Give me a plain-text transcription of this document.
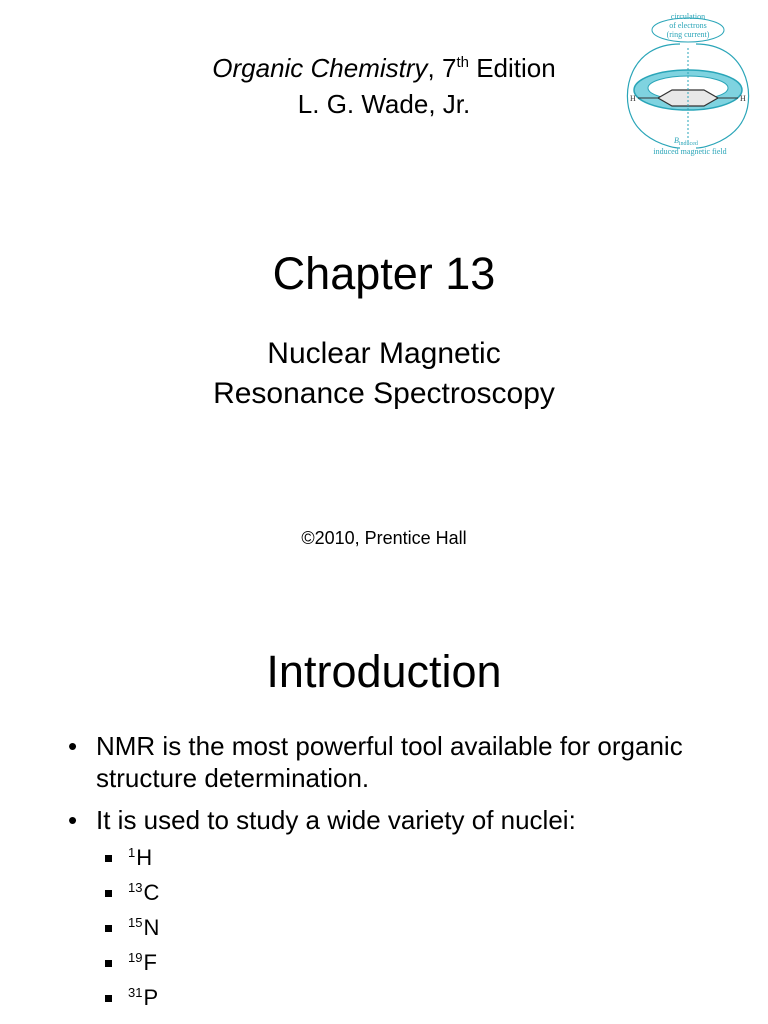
Organic Chemistry, 7th Edition
L. G. Wade, Jr.
circulation
of electrons
(ring current)
H	H
$B_{induced}$
induced magnetic field
Chapter 13
Nuclear Magnetic
Resonance Spectroscopy
©2010, Prentice Hall
Introduction
• NMR is the most powerful tool available for organic structure determination.
• It is used to study a wide variety of nuclei:
$^1$H
$^{13}$C
$^{15}$N
$^{19}$F
$^{31}$P
